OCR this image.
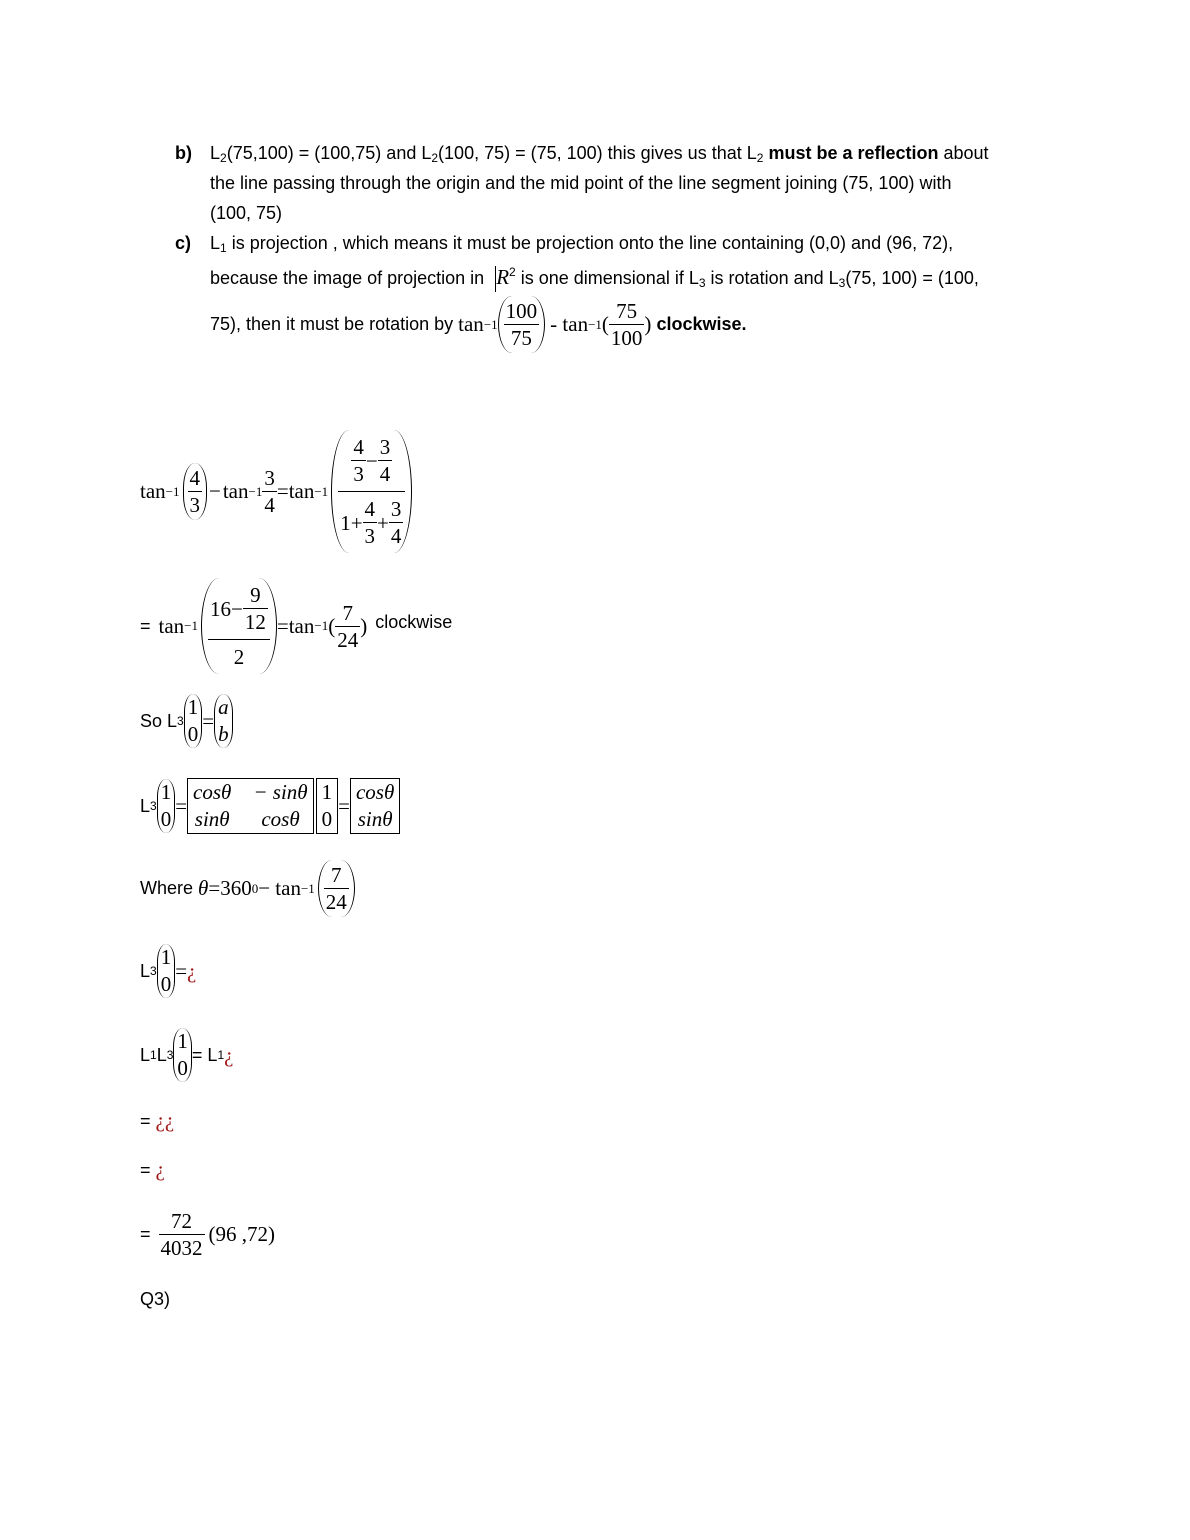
b) $L_2(75,100) = (100,75)$ and $L_2(100$, 75) = (75, 100) this gives us that $L_2$ must be a reflection about
the line passing through the origin and the mid point of the line segment joining (75, 100) with
(100, 75)
c) $L_1$ is projection , which means it must be projection onto the line containing (0,0) and (96, 72),
because the image of projection in $R^2$ is one dimensional if $L_3$ is rotation and $L_3(75$, 100) = (100,
75), then it must be rotation by
$\tan -1 \frac{100}{75}$
- tan −1 (
75
100
)
clockwise.
$\tan -1 \frac{4}{3} - \tan -1$
3
4
= tan −1 4
3
−
3
4
1+
4
3
+
3
4
= tan −1 16−
9
12
2 = tan −1 (
7
24
) clockwise
So L 3
1
0
=
a
b
L 3
1
0
=
cosθ − sinθ
sinθ	cosθ
1
0
=
cosθ
sinθ
Where
θ =360 $0 - \tan -1 \frac{7}{24}$
L 3
1
0
= ¿
L 1 L 3
1
0
= L 1 ¿
= ¿¿
= ¿
=
72
4032
( 96 ,72 )
Q3)
